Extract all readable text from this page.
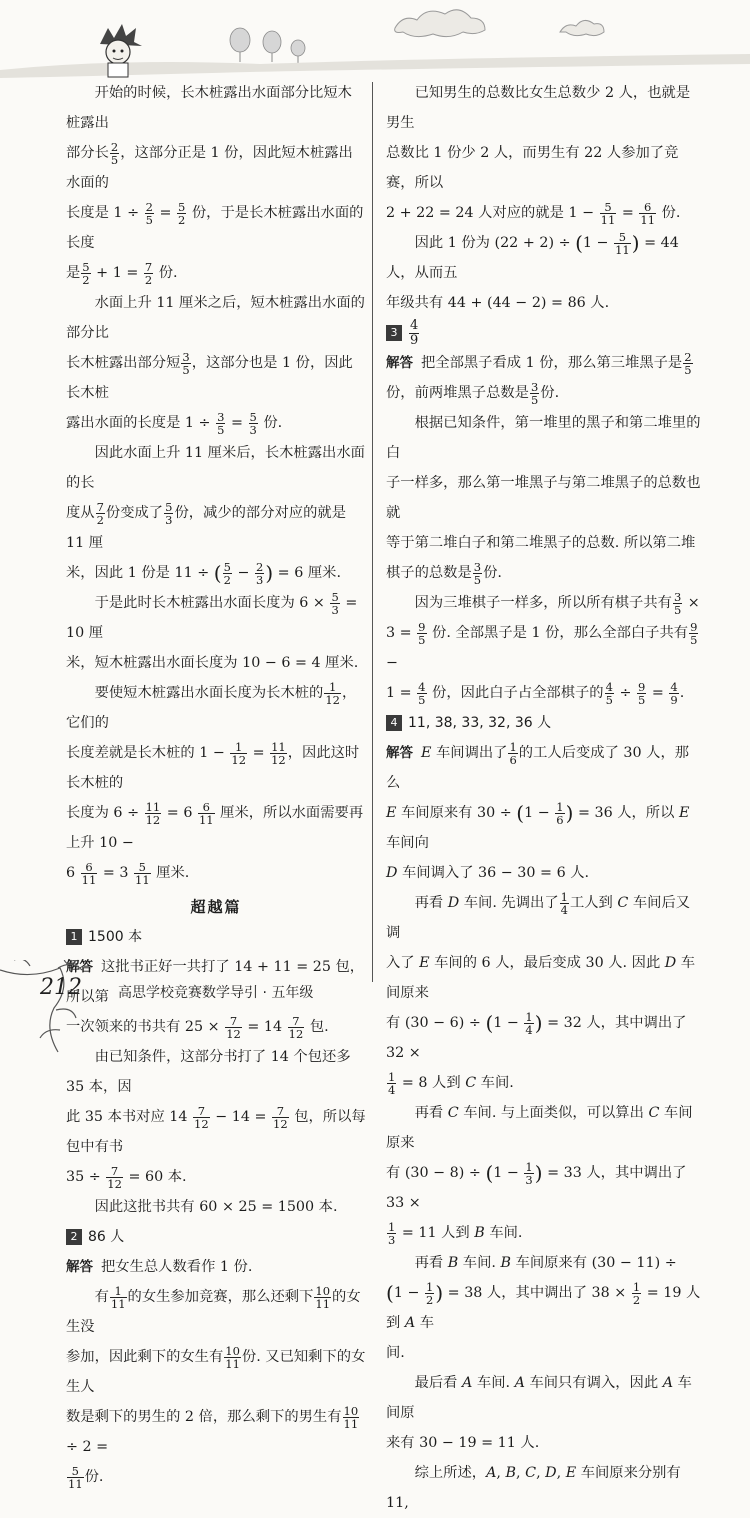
开始的时候，长木桩露出水面部分比短木桩露出

部分长 $\frac{2}{5}$ ，这部分正是 1 份，因此短木桩露出水面的

长度是 $1 \div \frac{2}{5} = \frac{5}{2}$ 份，于是长木桩露出水面的长度

是 $\frac{5}{2} + 1 = \frac{7}{2}$ 份.

水面上升 11 厘米之后，短木桩露出水面的部分比

长木桩露出部分短 $\frac{3}{5}$ ，这部分也是 1 份，因此长木桩

露出水面的长度是 $1 \div \frac{3}{5} = \frac{5}{3}$ 份.

因此水面上升 11 厘米后，长木桩露出水面的长

度从 $\frac{7}{2}$ 份变成了 $\frac{5}{3}$ 份，减少的部分对应的就是 11 厘

米，因此 1 份是 11 ÷ ( $\frac{5}{2} - \frac{2}{3}$ ) = 6 厘米.

于是此时长木桩露出水面长度为 $6 \times \frac{5}{3} = 10$ 厘

米，短木桩露出水面长度为 10 − 6 = 4 厘米.

要使短木桩露出水面长度为长木桩的 $\frac{1}{12}$ ，它们的

长度差就是长木桩的 $1 - \frac{1}{12} = \frac{11}{12}$ ，因此这时长木桩的

长度为 $6 \div \frac{11}{12} = 6 \frac{6}{11}$ 厘米，所以水面需要再上升 10 −

$6 \frac{6}{11} = 3 \frac{5}{11}$ 厘米.

超越篇

1 1500 本

解答 这批书正好一共打了 14 + 11 = 25 包，所以第

一次领来的书共有 $25 \times \frac{7}{12} = 14 \frac{7}{12}$ 包.

由已知条件，这部分书打了 14 个包还多 35 本，因

此 35 本书对应 $14 \frac{7}{12} - 14 = \frac{7}{12}$ 包，所以每包中有书

$35 \div \frac{7}{12} = 60$ 本.

因此这批书共有 60 × 25 = 1500 本.

2 86 人

解答 把女生总人数看作 1 份.

有 $\frac{1}{11}$ 的女生参加竞赛，那么还剩下 $\frac{10}{11}$ 的女生没

参加，因此剩下的女生有 $\frac{10}{11}$ 份. 又已知剩下的女生人

数是剩下的男生的 2 倍，那么剩下的男生有 $\frac{10}{11}$
÷ 2 =

$\frac{5}{11}$ 份.

已知男生的总数比女生总数少 2 人，也就是男生

总数比 1 份少 2 人，而男生有 22 人参加了竞赛，所以

2 + 22 = 24 人对应的就是 $1 - \frac{5}{11} = \frac{6}{11}$ 份.

因此 1 份为 $(22 + 2) \div (1 - \frac{5}{11}$ ) = 44 人，从而五

年级共有 44 + (44 − 2) = 86 人.

$3 \frac{4}{9}$

解答 把全部黑子看成 1 份，那么第三堆黑子是 $\frac{2}{5}$

份，前两堆黑子总数是 $\frac{3}{5}$ 份.

根据已知条件，第一堆里的黑子和第二堆里的白

子一样多，那么第一堆黑子与第二堆黑子的总数也就

等于第二堆白子和第二堆黑子的总数. 所以第二堆

棋子的总数是 $\frac{3}{5}$ 份.

因为三堆棋子一样多，所以所有棋子共有 $\frac{3}{5}$ ×

$3 = \frac{9}{5}$ 份. 全部黑子是 1 份，那么全部白子共有 $\frac{9}{5}$
−

$1 = \frac{4}{5}$ 份，因此白子占全部棋子的 $\frac{4}{5} \div \frac{9}{5} = \frac{4}{9}$ .

4 11, 38, 33, 32, 36 人

解答 E 车间调出了 $\frac{1}{6}$ 的工人后变成了 30 人，那么

E 车间原来有 $30 \div (1 - \frac{1}{6}$ ) = 36 人，所以 E 车间向

D 车间调入了 36 − 30 = 6 人.

再看 D 车间. 先调出了 $\frac{1}{4}$ 工人到 C 车间后又调

入了 E 车间的 6 人，最后变成 30 人. 因此 D 车间原来

有 $(30 - 6) \div (1 - \frac{1}{4}$ ) = 32 人，其中调出了 32 ×

$\frac{1}{4} = 8$ 人到 C 车间.

再看 C 车间. 与上面类似，可以算出 C 车间原来

有 $(30 - 8) \div (1 - \frac{1}{3}$ ) = 33 人，其中调出了 33 ×

$\frac{1}{3} = 11$ 人到 B 车间.

再看 B 车间. B 车间原来有 (30 − 11) ÷

($1 - \frac{1}{2}$ ) = 38 人，其中调出了 $38 \times \frac{1}{2} = 19$ 人到 A 车

间.

最后看 A 车间. A 车间只有调入，因此 A 车间原

来有 30 − 19 = 11 人.

综上所述，A, B, C, D, E 车间原来分别有 11,

212	高思学校竞赛数学导引 · 五年级
